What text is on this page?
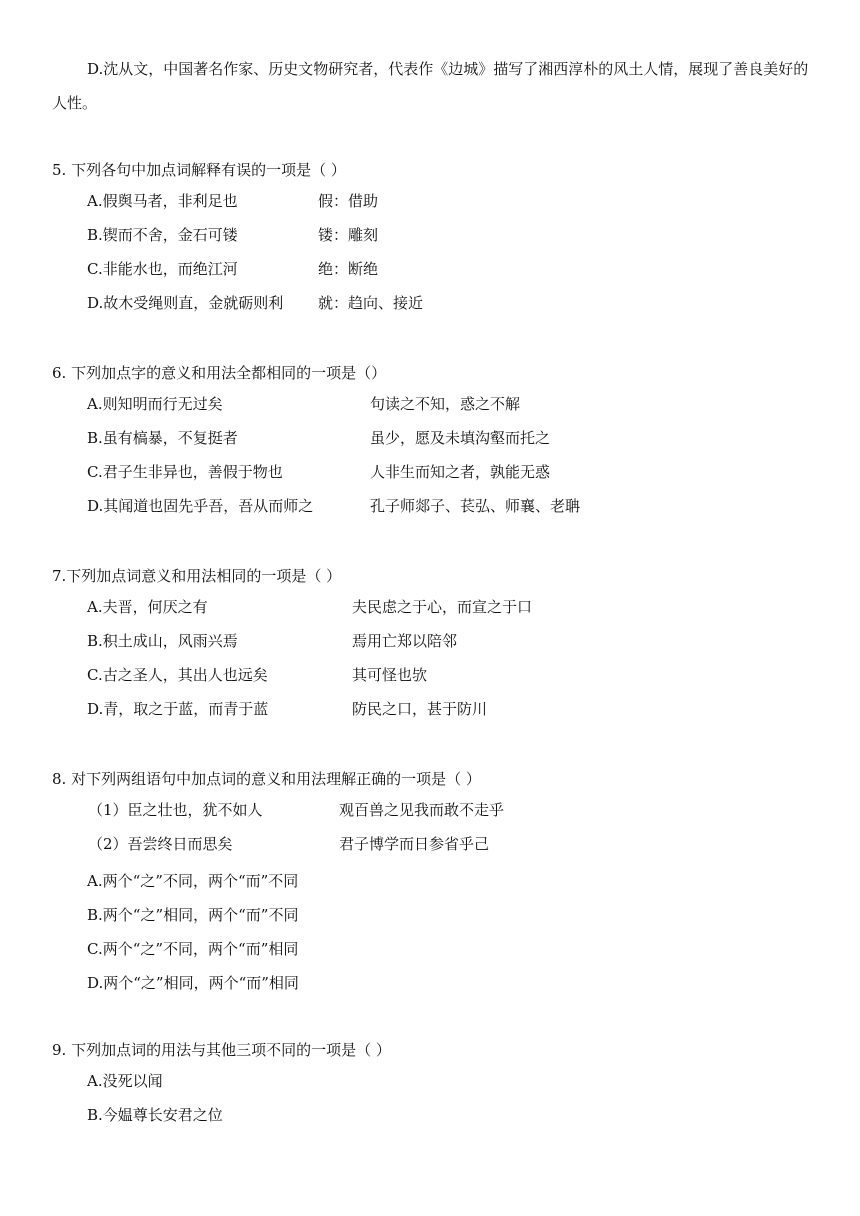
D.沈从文，中国著名作家、历史文物研究者，代表作《边城》描写了湘西淳朴的风土人情，展现了善良美好的人性。
5. 下列各句中加点词解释有误的一项是（ ）
A.假舆马者，非利足也	假：借助
B.锲而不舍，金石可镂	镂：雕刻
C.非能水也，而绝江河	绝：断绝
D.故木受绳则直，金就砺则利 就：趋向、接近
6. 下列加点字的意义和用法全都相同的一项是（）
A.则知明而行无过矣	句读之不知，惑之不解
B.虽有槁暴，不复挺者	虽少，愿及未填沟壑而托之
C.君子生非异也，善假于物也	人非生而知之者，孰能无惑
D.其闻道也固先乎吾，吾从而师之	孔子师郯子、苌弘、师襄、老聃
7.下列加点词意义和用法相同的一项是（ ）
A.夫晋，何厌之有	夫民虑之于心，而宣之于口
B.积土成山，风雨兴焉	焉用亡郑以陪邻
C.古之圣人，其出人也远矣	其可怪也欤
D.青，取之于蓝，而青于蓝	防民之口，甚于防川
8. 对下列两组语句中加点词的意义和用法理解正确的一项是（ ）
（1）臣之壮也，犹不如人	观百兽之见我而敢不走乎
（2）吾尝终日而思矣	君子博学而日参省乎己
A.两个“之”不同，两个“而”不同
B.两个“之”相同，两个“而”不同
C.两个“之”不同，两个“而”相同
D.两个“之”相同，两个“而”相同
9. 下列加点词的用法与其他三项不同的一项是（ ）
A.没死以闻
B.今媪尊长安君之位
